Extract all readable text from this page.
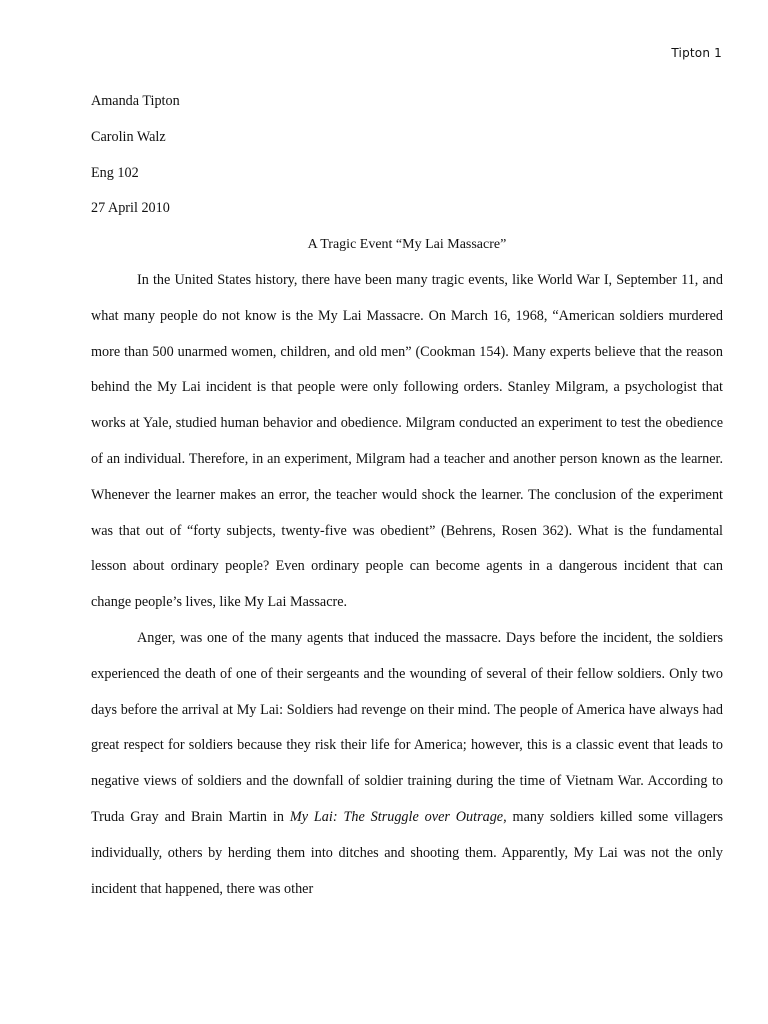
Tipton 1

Amanda Tipton

Carolin Walz

Eng 102

27 April 2010

A Tragic Event “My Lai Massacre”

In the United States history, there have been many tragic events, like World War I, September 11, and what many people do not know is the My Lai Massacre. On March 16, 1968, “American soldiers murdered more than 500 unarmed women, children, and old men” (Cookman 154). Many experts believe that the reason behind the My Lai incident is that people were only following orders. Stanley Milgram, a psychologist that works at Yale, studied human behavior and obedience. Milgram conducted an experiment to test the obedience of an individual. Therefore, in an experiment, Milgram had a teacher and another person known as the learner. Whenever the learner makes an error, the teacher would shock the learner. The conclusion of the experiment was that out of “forty subjects, twenty-five was obedient” (Behrens, Rosen 362). What is the fundamental lesson about ordinary people? Even ordinary people can become agents in a dangerous incident that can change people’s lives, like My Lai Massacre.

Anger, was one of the many agents that induced the massacre. Days before the incident, the soldiers experienced the death of one of their sergeants and the wounding of several of their fellow soldiers. Only two days before the arrival at My Lai: Soldiers had revenge on their mind. The people of America have always had great respect for soldiers because they risk their life for America; however, this is a classic event that leads to negative views of soldiers and the downfall of soldier training during the time of Vietnam War. According to Truda Gray and Brain Martin in My Lai: The Struggle over Outrage, many soldiers killed some villagers individually, others by herding them into ditches and shooting them. Apparently, My Lai was not the only incident that happened, there was other
